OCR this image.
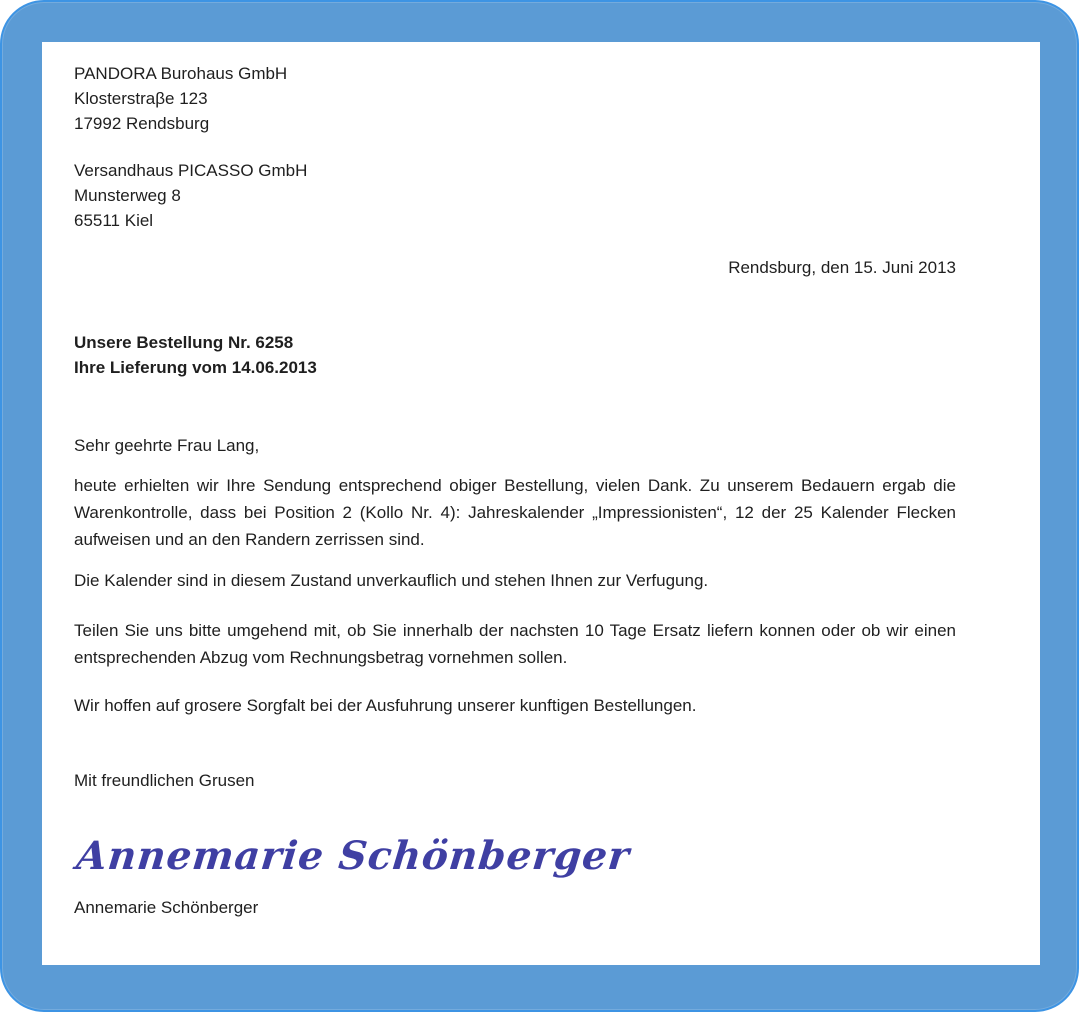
PANDORA Burohaus GmbH
Klosterstraβe 123
17992 Rendsburg
Versandhaus PICASSO GmbH
Munsterweg 8
65511 Kiel
Rendsburg, den 15. Juni 2013
Unsere Bestellung Nr. 6258
Ihre Lieferung vom 14.06.2013
Sehr geehrte Frau Lang,
heute erhielten wir Ihre Sendung entsprechend obiger Bestellung, vielen Dank. Zu unserem Bedauern ergab die Warenkontrolle, dass bei Position 2 (Kollo Nr. 4): Jahreskalender „Impressionisten“, 12 der 25 Kalender Flecken aufweisen und an den Randern zerrissen sind.
Die Kalender sind in diesem Zustand unverkauflich und stehen Ihnen zur Verfugung.
Teilen Sie uns bitte umgehend mit, ob Sie innerhalb der nachsten 10 Tage Ersatz liefern konnen oder ob wir einen entsprechenden Abzug vom Rechnungsbetrag vornehmen sollen.
Wir hoffen auf grosere Sorgfalt bei der Ausfuhrung unserer kunftigen Bestellungen.
Mit freundlichen Grusen
Annemarie Schönberger
Annemarie Schönberger
